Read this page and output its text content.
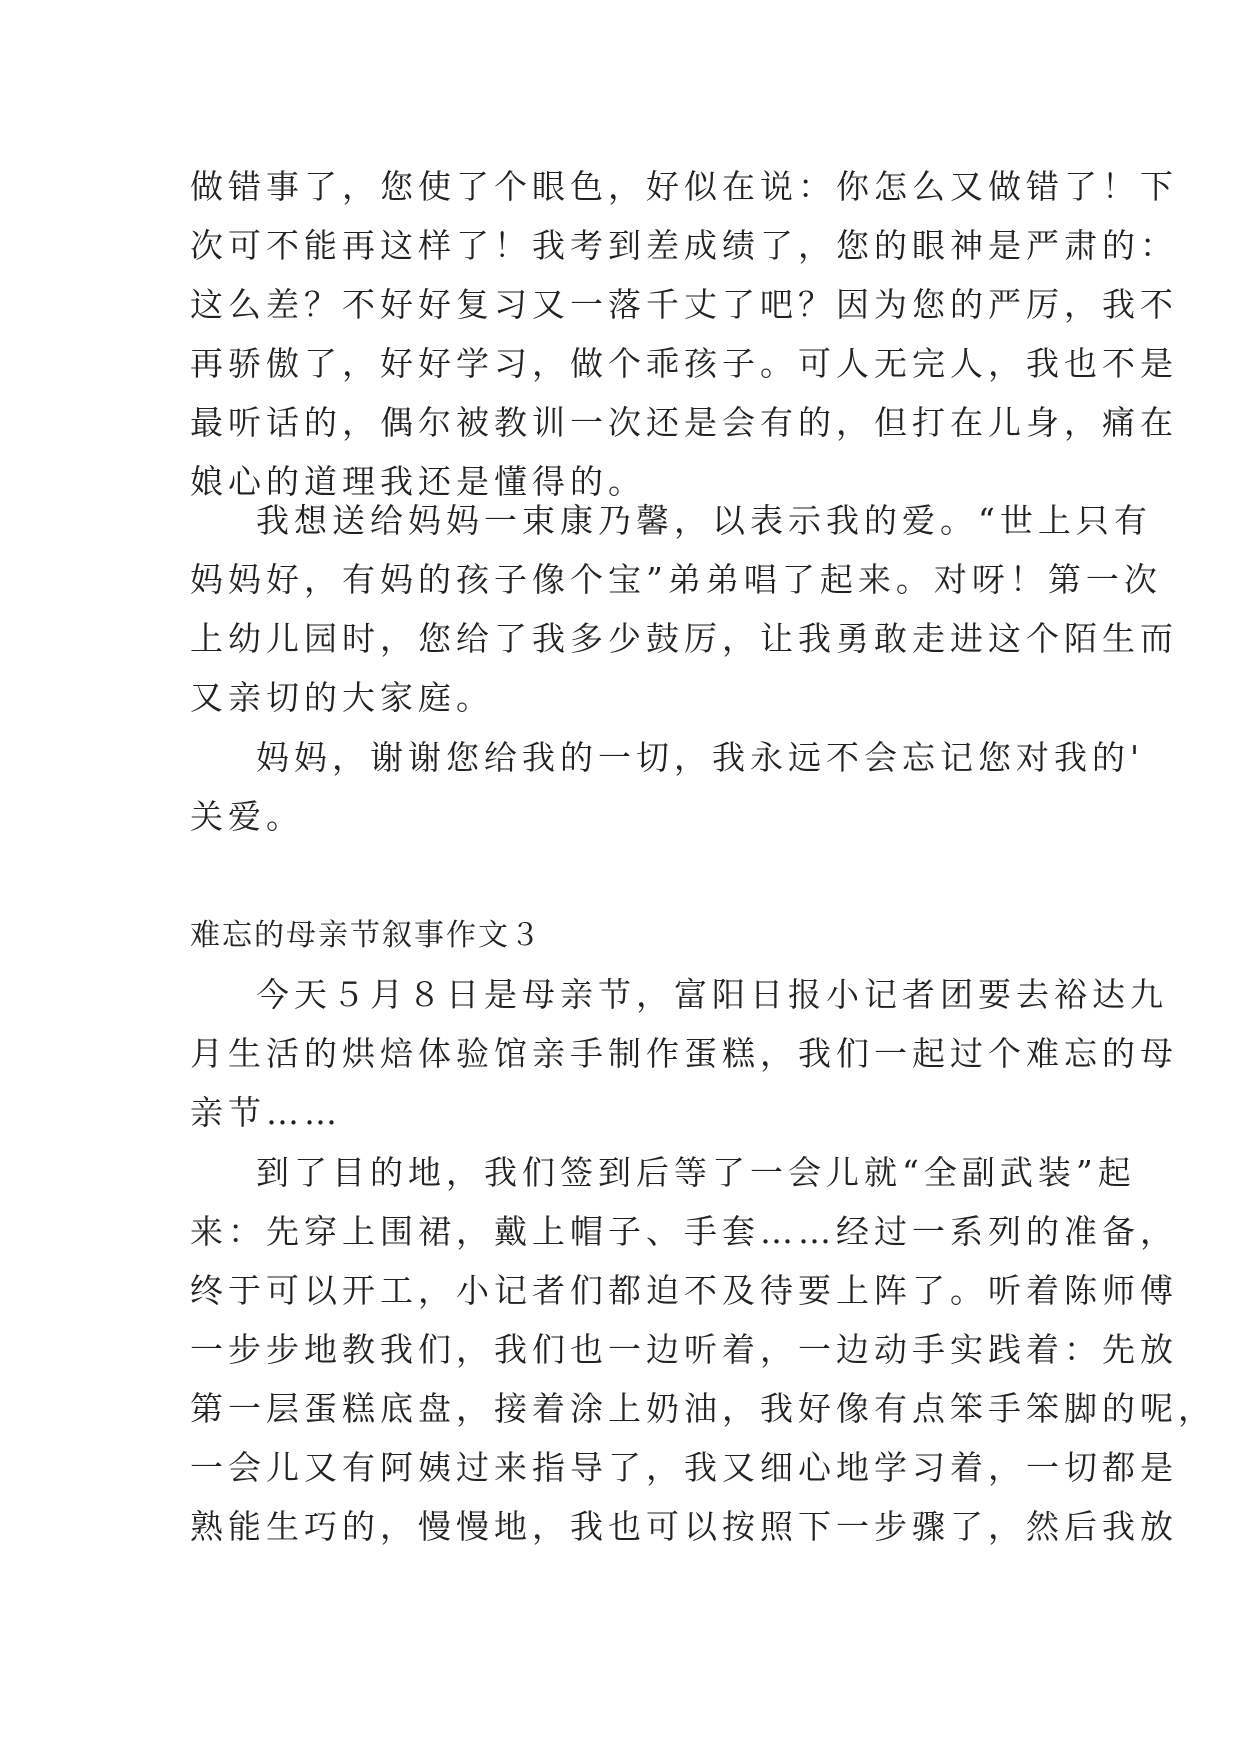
做错事了，您使了个眼色，好似在说：你怎么又做错了！下
次可不能再这样了！我考到差成绩了，您的眼神是严肃的：
这么差？不好好复习又一落千丈了吧？因为您的严厉，我不
再骄傲了，好好学习，做个乖孩子。可人无完人，我也不是
最听话的，偶尔被教训一次还是会有的，但打在儿身，痛在
娘心的道理我还是懂得的。
我想送给妈妈一束康乃馨，以表示我的爱。“世上只有
妈妈好，有妈的孩子像个宝”弟弟唱了起来。对呀！第一次
上幼儿园时，您给了我多少鼓厉，让我勇敢走进这个陌生而
又亲切的大家庭。
妈妈，谢谢您给我的一切，我永远不会忘记您对我的'
关爱。
难忘的母亲节叙事作文３
今天５月８日是母亲节，富阳日报小记者团要去裕达九
月生活的烘焙体验馆亲手制作蛋糕，我们一起过个难忘的母
亲节……
到了目的地，我们签到后等了一会儿就“全副武装”起
来：先穿上围裙，戴上帽子、手套……经过一系列的准备，
终于可以开工，小记者们都迫不及待要上阵了。听着陈师傅
一步步地教我们，我们也一边听着，一边动手实践着：先放
第一层蛋糕底盘，接着涂上奶油，我好像有点笨手笨脚的呢，
一会儿又有阿姨过来指导了，我又细心地学习着，一切都是
熟能生巧的，慢慢地，我也可以按照下一步骤了，然后我放
